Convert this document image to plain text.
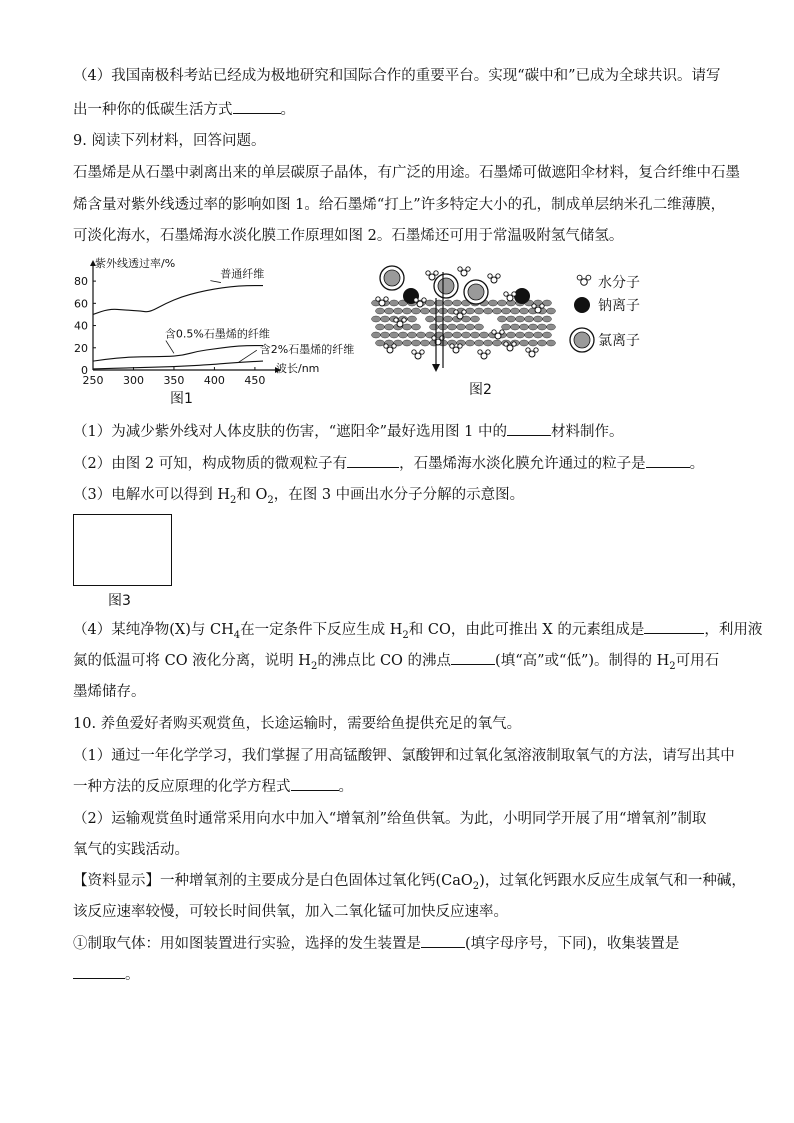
（4）我国南极科考站已经成为极地研究和国际合作的重要平台。实现“碳中和”已成为全球共识。请写
出一种你的低碳生活方式	。
9. 阅读下列材料，回答问题。
石墨烯是从石墨中剥离出来的单层碳原子晶体，有广泛的用途。石墨烯可做遮阳伞材料，复合纤维中石墨
烯含量对紫外线透过率的影响如图 1。给石墨烯“打上”许多特定大小的孔，制成单层纳米孔二维薄膜，
可淡化海水，石墨烯海水淡化膜工作原理如图 2。石墨烯还可用于常温吸附氢气储氢。
250 300 350 400 450
0
20
40
60
80
紫外线透过率/%
波长/nm
普通纤维
含0.5%石墨烯的纤维
含2%石墨烯的纤维
图1
水分子
钠离子
氯离子
图2
（1）为减少紫外线对人体皮肤的伤害，“遮阳伞”最好选用图 1 中的	材料制作。
（2）由图 2 可知，构成物质的微观粒子有	，石墨烯海水淡化膜允许通过的粒子是	。
（3）电解水可以得到 $H_2$和 $O_2$，在图 3 中画出水分子分解的示意图。
图3
（4）某纯净物(X)与 $CH_4$在一定条件下反应生成 $H_2$和 CO，由此可推出 X 的元素组成是	，利用液
氮的低温可将 CO 液化分离，说明 $H_2$的沸点比 CO 的沸点	(填“高”或“低”)。制得的 $H_2$可用石
墨烯储存。
10. 养鱼爱好者购买观赏鱼，长途运输时，需要给鱼提供充足的氧气。
（1）通过一年化学学习，我们掌握了用高锰酸钾、氯酸钾和过氧化氢溶液制取氧气的方法，请写出其中
一种方法的反应原理的化学方程式	。
（2）运输观赏鱼时通常采用向水中加入“增氧剂”给鱼供氧。为此，小明同学开展了用“增氧剂”制取
氧气的实践活动。
【资料显示】一种增氧剂的主要成分是白色固体过氧化钙(CaO$_2$)，过氧化钙跟水反应生成氧气和一种碱，
该反应速率较慢，可较长时间供氧，加入二氧化锰可加快反应速率。
①制取气体：用如图装置进行实验，选择的发生装置是	(填字母序号，下同)，收集装置是
。
